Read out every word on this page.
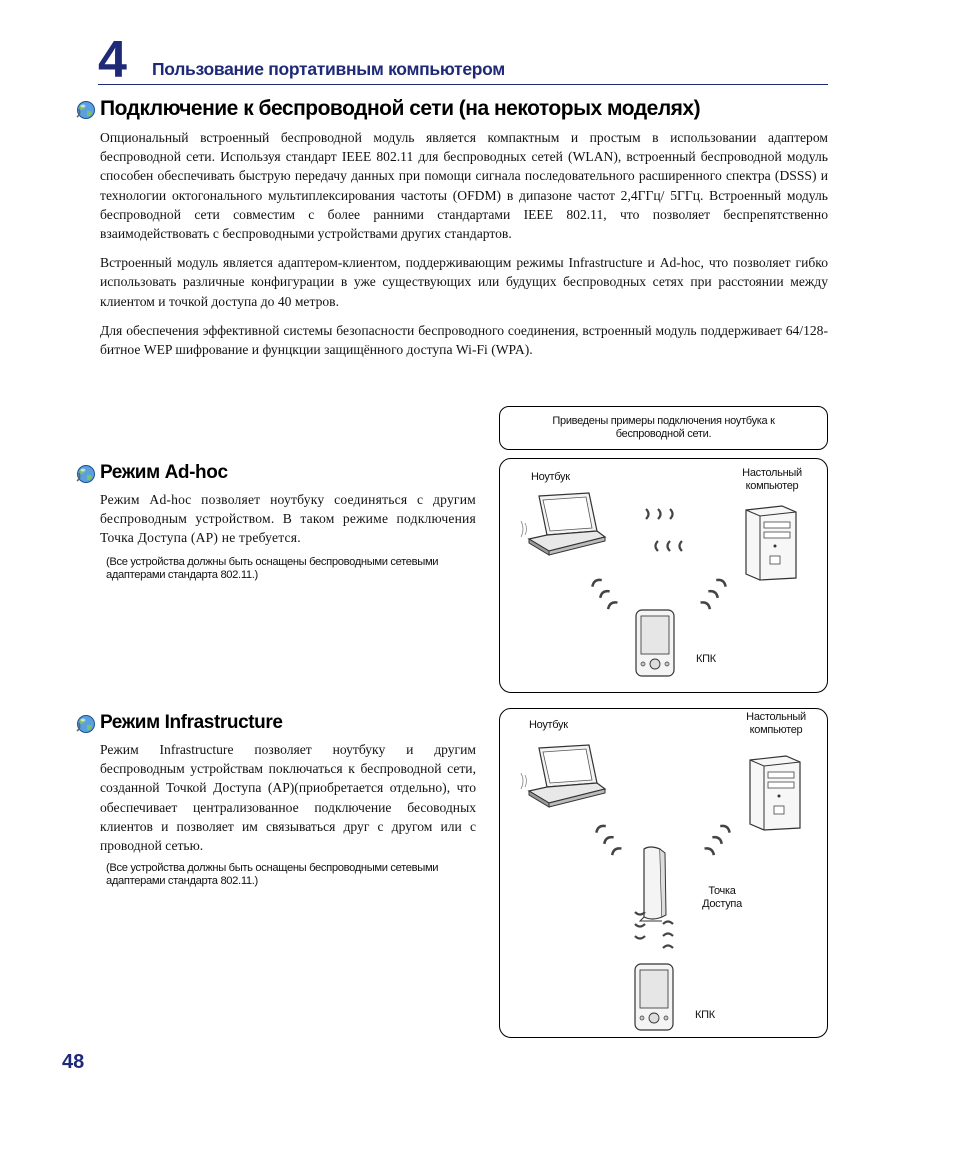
4 Пользование портативным компьютером
Подключение к беспроводной сети (на некоторых моделях)

Опциональный встроенный беспроводной модуль является компактным и простым в использовании адаптером беспроводной сети. Используя стандарт IEEE 802.11 для беспроводных сетей (WLAN), встроенный беспроводной модуль способен обеспечивать быструю передачу данных при помощи сигнала последовательного расширенного спектра (DSSS) и технологии октогонального мультиплексирования частоты (OFDM) в дипазоне частот 2,4ГГц/ 5ГГц. Встроенный модуль беспроводной сети совместим с более ранними стандартами IEEE 802.11, что позволяет беспрепятственно взаимодействовать с беспроводными устройствами других стандартов.

Встроенный модуль является адаптером-клиентом, поддерживающим режимы Infrastructure и Ad-hoc, что позволяет гибко использовать различные конфигурации в уже существующих или будущих беспроводных сетях при расстоянии между клиентом и точкой доступа до 40 метров.

Для обеспечения эффективной системы безопасности беспроводного соединения, встроенный модуль поддерживает 64/128-битное WEP шифрование и фунцкции защищённого доступа Wi-Fi (WPA).

Приведены примеры подключения ноутбука к беспроводной сети.
Режим Ad-hoc

Режим Ad-hoc позволяет ноутбуку соединяться с другим беспроводным устройством. В таком режиме подключения Точка Доступа (AP) не требуется.

(Все устройства должны быть оснащены беспроводными сетевыми адаптерами стандарта 802.11.)
Ноутбук	Настольный компьютер
КПК
Режим Infrastructure

Режим Infrastructure позволяет ноутбуку и другим беспроводным устройствам поключаться к беспроводной сети, созданной Точкой Доступа (AP)(приобретается отдельно), что обеспечивает централизованное подключение бесоводных клиентов и позволяет им связываться друг с другом или с проводной сетью.

(Все устройства должны быть оснащены беспроводными сетевыми адаптерами стандарта 802.11.)
Ноутбук
Настольный компьютер
Точка Доступа
КПК
48
